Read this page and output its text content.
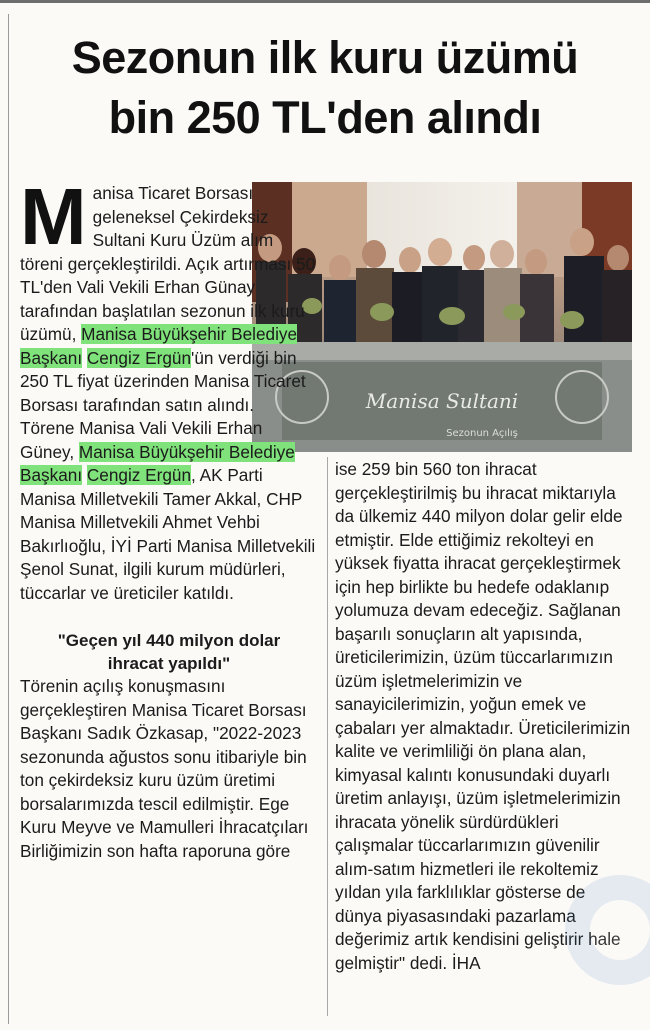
Sezonun ilk kuru üzümü
bin 250 TL'den alındı
Manisa Sultani
Sezonun Açılış

Manisa Ticaret Borsası geleneksel Çekirdeksiz Sultani Kuru Üzüm alım töreni gerçekleştirildi. Açık artırması 50 TL'den Vali Vekili Erhan Günay tarafından başlatılan sezonun ilk kuru üzümü, Manisa Büyükşehir Belediye Başkanı Cengiz Ergün'ün verdiği bin 250 TL fiyat üzerinden Manisa Ticaret Borsası tarafından satın alındı.

Törene Manisa Vali Vekili Erhan Güney, Manisa Büyükşehir Belediye Başkanı Cengiz Ergün, AK Parti Manisa Milletvekili Tamer Akkal, CHP Manisa Milletvekili Ahmet Vehbi Bakırlıoğlu, İYİ Parti Manisa Milletvekili Şenol Sunat, ilgili kurum müdürleri, tüccarlar ve üreticiler katıldı.

"Geçen yıl 440 milyon dolar ihracat yapıldı"

Törenin açılış konuşmasını gerçekleştiren Manisa Ticaret Borsası Başkanı Sadık Özkasap, "2022-2023 sezonunda ağustos sonu itibariyle bin ton çekirdeksiz kuru üzüm üretimi borsalarımızda tescil edilmiştir. Ege Kuru Meyve ve Mamulleri İhracatçıları Birliğimizin son hafta raporuna göre

ise 259 bin 560 ton ihracat gerçekleştirilmiş bu ihracat miktarıyla da ülkemiz 440 milyon dolar gelir elde etmiştir. Elde ettiğimiz rekolteyi en yüksek fiyatta ihracat gerçekleştirmek için hep birlikte bu hedefe odaklanıp yolumuza devam edeceğiz. Sağlanan başarılı sonuçların alt yapısında, üreticilerimizin, üzüm tüccarlarımızın üzüm işletmelerimizin ve sanayicilerimizin, yoğun emek ve çabaları yer almaktadır. Üreticilerimizin kalite ve verimliliği ön plana alan, kimyasal kalıntı konusundaki duyarlı üretim anlayışı, üzüm işletmelerimizin ihracata yönelik sürdürdükleri çalışmalar tüccarlarımızın güvenilir alım-satım hizmetleri ile rekoltemiz yıldan yıla farklılıklar gösterse de dünya piyasasındaki pazarlama değerimiz artık kendisini geliştirir hale gelmiştir" dedi. İHA
